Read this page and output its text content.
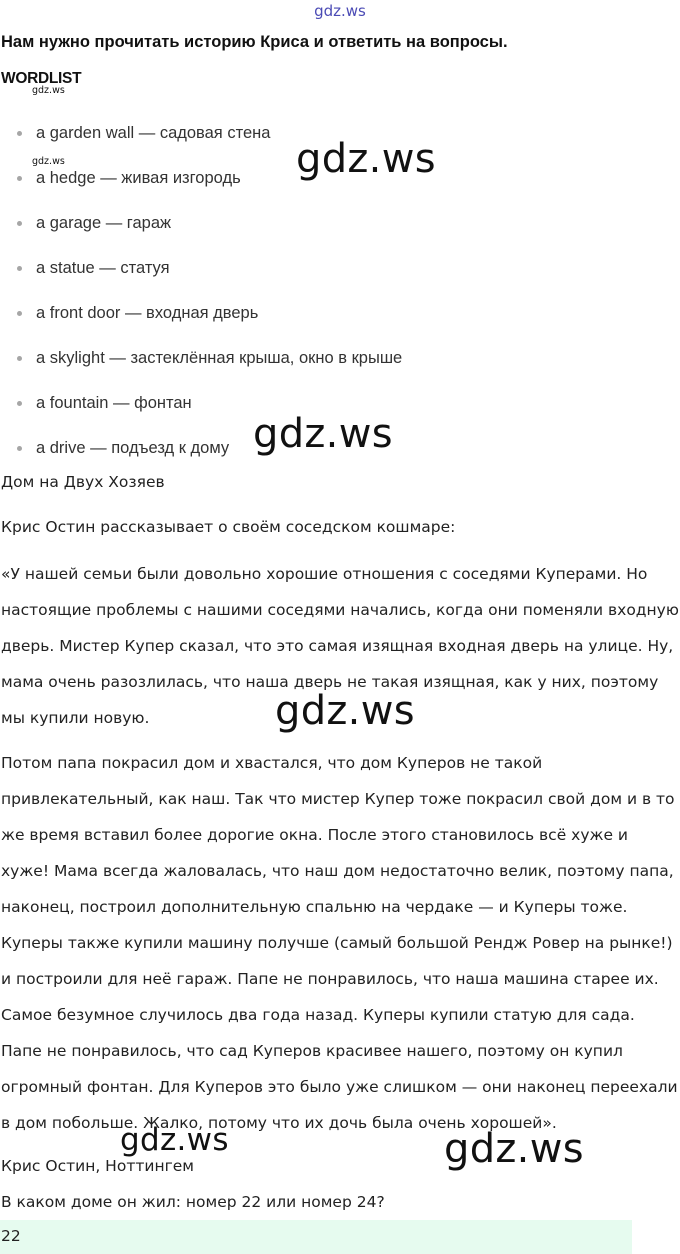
gdz.ws
Нам нужно прочитать историю Криса и ответить на вопросы.
WORDLIST
gdz.ws
gdz.ws
a garden wall — садовая стена
a hedge — живая изгородь
a garage — гараж
a statue — статуя
a front door — входная дверь
a skylight — застеклённая крыша, окно в крыше
a fountain — фонтан
a drive — подъезд к дому
gdz.ws
gdz.ws
Дом на Двух Хозяев
Крис Остин рассказывает о своём соседском кошмаре:
«У нашей семьи были довольно хорошие отношения с соседями Куперами. Но настоящие проблемы с нашими соседями начались, когда они поменяли входную дверь. Мистер Купер сказал, что это самая изящная входная дверь на улице. Ну, мама очень разозлилась, что наша дверь не такая изящная, как у них, поэтому мы купили новую.
Потом папа покрасил дом и хвастался, что дом Куперов не такой привлекательный, как наш. Так что мистер Купер тоже покрасил свой дом и в то же время вставил более дорогие окна. После этого становилось всё хуже и хуже! Мама всегда жаловалась, что наш дом недостаточно велик, поэтому папа, наконец, построил дополнительную спальню на чердаке — и Куперы тоже. Куперы также купили машину получше (самый большой Рендж Ровер на рынке!) и построили для неё гараж. Папе не понравилось, что наша машина старее их. Самое безумное случилось два года назад. Куперы купили статую для сада. Папе не понравилось, что сад Куперов красивее нашего, поэтому он купил огромный фонтан. Для Куперов это было уже слишком — они наконец переехали в дом побольше. Жалко, потому что их дочь была очень хорошей».
Крис Остин, Ноттингем
В каком доме он жил: номер 22 или номер 24?
gdz.ws
gdz.ws	gdz.ws
22
